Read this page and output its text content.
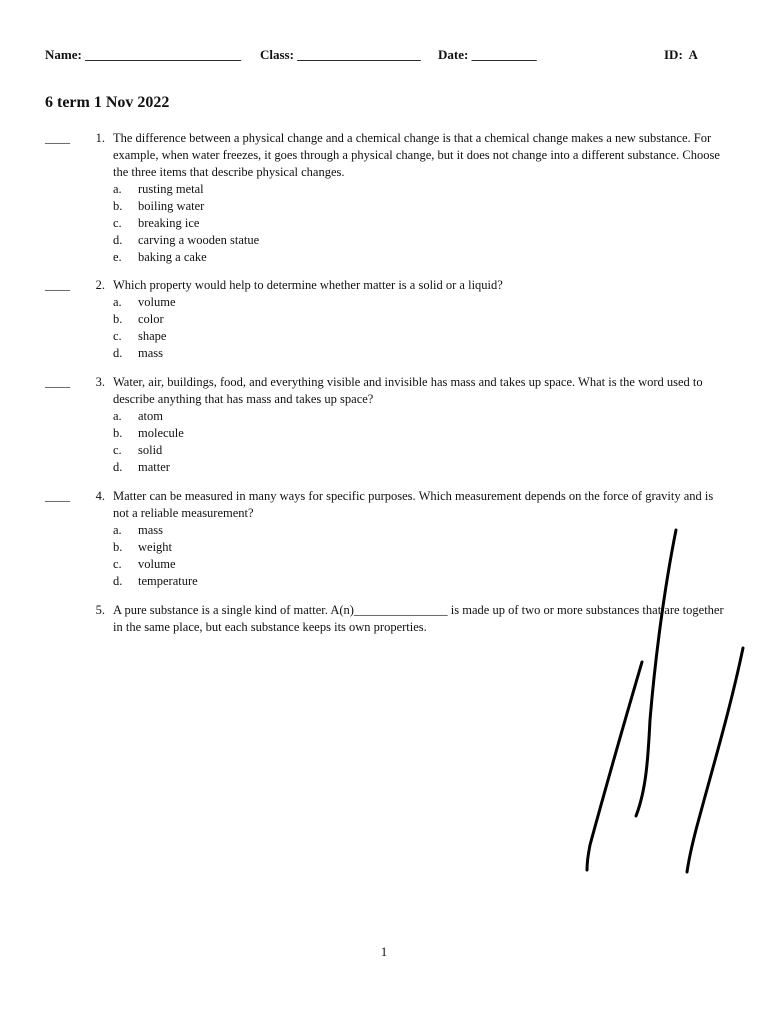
Name: ________________________ Class: ___________________ Date: __________	ID:  A
6 term 1 Nov 2022
____	1. The difference between a physical change and a chemical change is that a chemical change makes a new substance. For example, when water freezes, it goes through a physical change, but it does not change into a different substance. Choose the three items that describe physical changes.
a. rusting metal
b. boiling water
c. breaking ice
d. carving a wooden statue
e. baking a cake
____	2. Which property would help to determine whether matter is a solid or a liquid?
a. volume
b. color
c. shape
d. mass
____	3. Water, air, buildings, food, and everything visible and invisible has mass and takes up space. What is the word used to describe anything that has mass and takes up space?
a. atom
b. molecule
c. solid
d. matter
____	4. Matter can be measured in many ways for specific purposes. Which measurement depends on the force of gravity and is not a reliable measurement?
a. mass
b. weight
c. volume
d. temperature
5. A pure substance is a single kind of matter. A(n)_______________ is made up of two or more substances that are together in the same place, but each substance keeps its own properties.
1
